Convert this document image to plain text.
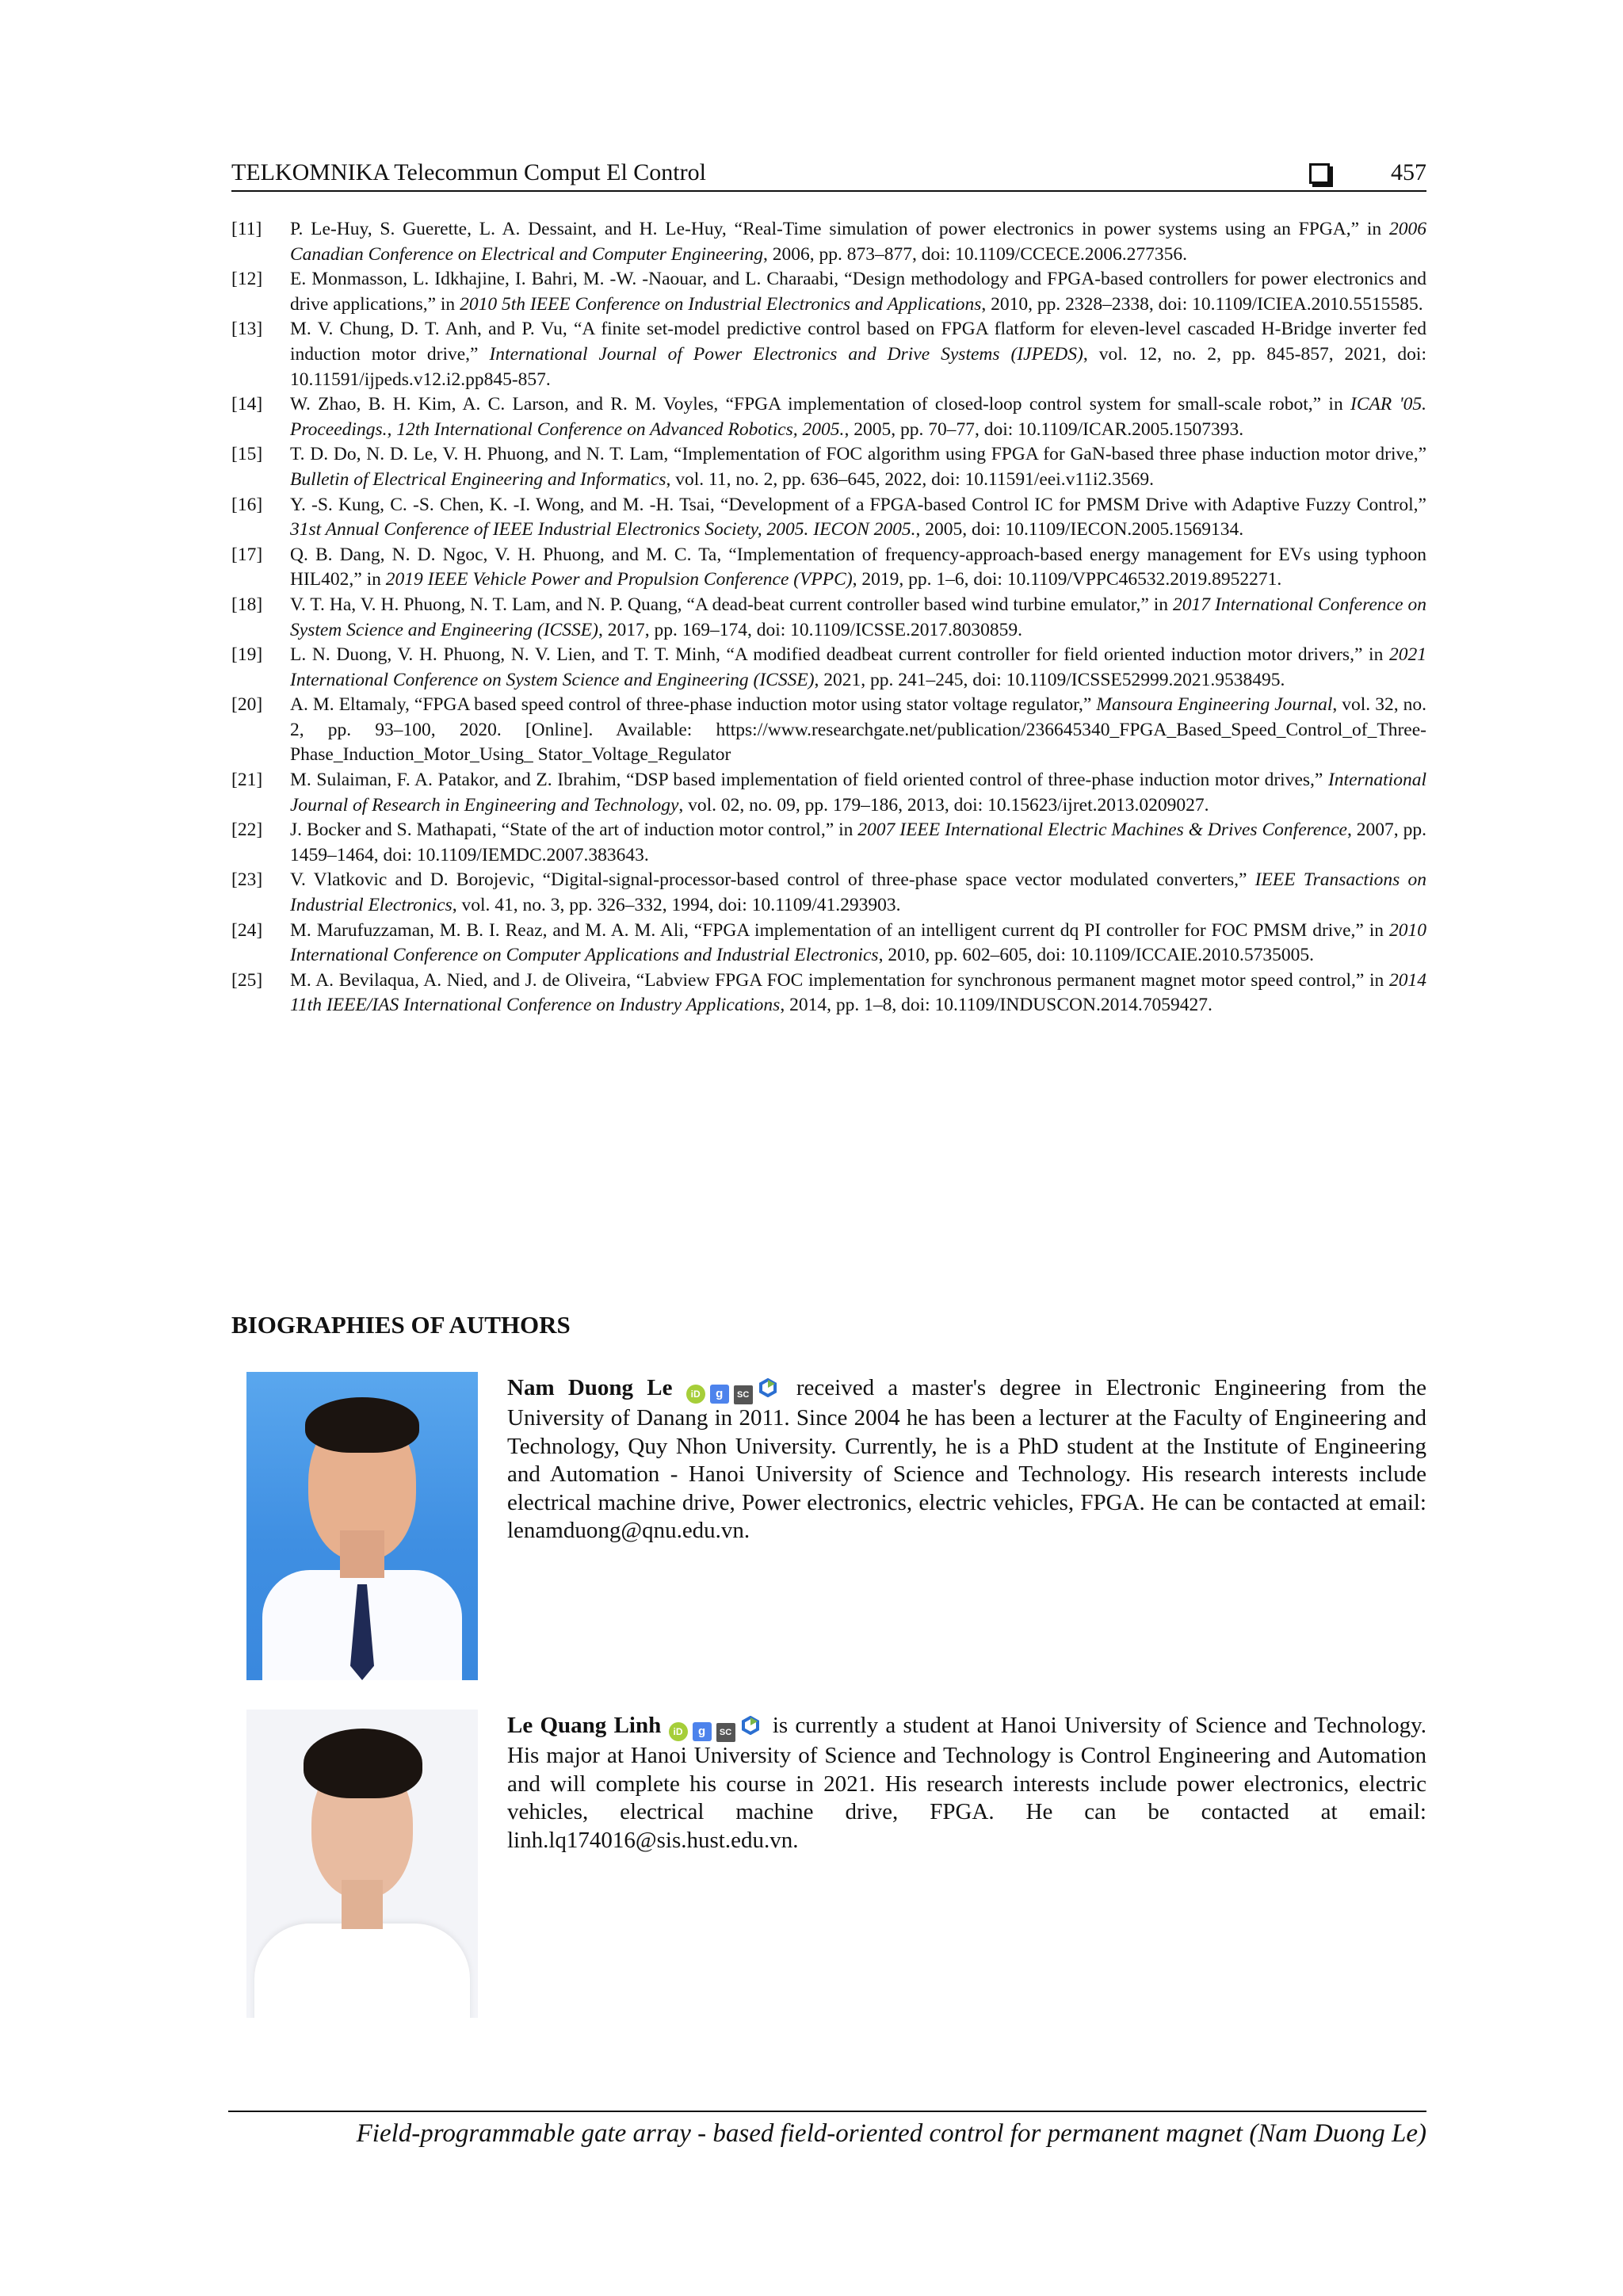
TELKOMNIKA Telecommun Comput El Control	457
[11]	P. Le-Huy, S. Guerette, L. A. Dessaint, and H. Le-Huy, “Real-Time simulation of power electronics in power systems using an FPGA,” in 2006 Canadian Conference on Electrical and Computer Engineering, 2006, pp. 873–877, doi: 10.1109/CCECE.2006.277356.
[12]	E. Monmasson, L. Idkhajine, I. Bahri, M. -W. -Naouar, and L. Charaabi, “Design methodology and FPGA-based controllers for power electronics and drive applications,” in 2010 5th IEEE Conference on Industrial Electronics and Applications, 2010, pp. 2328–2338, doi: 10.1109/ICIEA.2010.5515585.
[13]	M. V. Chung, D. T. Anh, and P. Vu, “A finite set-model predictive control based on FPGA flatform for eleven-level cascaded H-Bridge inverter fed induction motor drive,” International Journal of Power Electronics and Drive Systems (IJPEDS), vol. 12, no. 2, pp. 845-857, 2021, doi: 10.11591/ijpeds.v12.i2.pp845-857.
[14]	W. Zhao, B. H. Kim, A. C. Larson, and R. M. Voyles, “FPGA implementation of closed-loop control system for small-scale robot,” in ICAR '05. Proceedings., 12th International Conference on Advanced Robotics, 2005., 2005, pp. 70–77, doi: 10.1109/ICAR.2005.1507393.
[15]	T. D. Do, N. D. Le, V. H. Phuong, and N. T. Lam, “Implementation of FOC algorithm using FPGA for GaN-based three phase induction motor drive,” Bulletin of Electrical Engineering and Informatics, vol. 11, no. 2, pp. 636–645, 2022, doi: 10.11591/eei.v11i2.3569.
[16]	Y. -S. Kung, C. -S. Chen, K. -I. Wong, and M. -H. Tsai, “Development of a FPGA-based Control IC for PMSM Drive with Adaptive Fuzzy Control,” 31st Annual Conference of IEEE Industrial Electronics Society, 2005. IECON 2005., 2005, doi: 10.1109/IECON.2005.1569134.
[17]	Q. B. Dang, N. D. Ngoc, V. H. Phuong, and M. C. Ta, “Implementation of frequency-approach-based energy management for EVs using typhoon HIL402,” in 2019 IEEE Vehicle Power and Propulsion Conference (VPPC), 2019, pp. 1–6, doi: 10.1109/VPPC46532.2019.8952271.
[18]	V. T. Ha, V. H. Phuong, N. T. Lam, and N. P. Quang, “A dead-beat current controller based wind turbine emulator,” in 2017 International Conference on System Science and Engineering (ICSSE), 2017, pp. 169–174, doi: 10.1109/ICSSE.2017.8030859.
[19]	L. N. Duong, V. H. Phuong, N. V. Lien, and T. T. Minh, “A modified deadbeat current controller for field oriented induction motor drivers,” in 2021 International Conference on System Science and Engineering (ICSSE), 2021, pp. 241–245, doi: 10.1109/ICSSE52999.2021.9538495.
[20]	A. M. Eltamaly, “FPGA based speed control of three-phase induction motor using stator voltage regulator,” Mansoura Engineering Journal, vol. 32, no. 2, pp. 93–100, 2020. [Online]. Available: https://www.researchgate.net/publication/236645340_FPGA_Based_Speed_Control_of_Three-Phase_Induction_Motor_Using_ Stator_Voltage_Regulator
[21]	M. Sulaiman, F. A. Patakor, and Z. Ibrahim, “DSP based implementation of field oriented control of three-phase induction motor drives,” International Journal of Research in Engineering and Technology, vol. 02, no. 09, pp. 179–186, 2013, doi: 10.15623/ijret.2013.0209027.
[22]	J. Bocker and S. Mathapati, “State of the art of induction motor control,” in 2007 IEEE International Electric Machines & Drives Conference, 2007, pp. 1459–1464, doi: 10.1109/IEMDC.2007.383643.
[23]	V. Vlatkovic and D. Borojevic, “Digital-signal-processor-based control of three-phase space vector modulated converters,” IEEE Transactions on Industrial Electronics, vol. 41, no. 3, pp. 326–332, 1994, doi: 10.1109/41.293903.
[24]	M. Marufuzzaman, M. B. I. Reaz, and M. A. M. Ali, “FPGA implementation of an intelligent current dq PI controller for FOC PMSM drive,” in 2010 International Conference on Computer Applications and Industrial Electronics, 2010, pp. 602–605, doi: 10.1109/ICCAIE.2010.5735005.
[25]	M. A. Bevilaqua, A. Nied, and J. de Oliveira, “Labview FPGA FOC implementation for synchronous permanent magnet motor speed control,” in 2014 11th IEEE/IAS International Conference on Industry Applications, 2014, pp. 1–8, doi: 10.1109/INDUSCON.2014.7059427.
BIOGRAPHIES OF AUTHORS
Nam Duong Le iD g SC received a master's degree in Electronic Engineering from the University of Danang in 2011. Since 2004 he has been a lecturer at the Faculty of Engineering and Technology, Quy Nhon University. Currently, he is a PhD student at the Institute of Engineering and Automation - Hanoi University of Science and Technology. His research interests include electrical machine drive, Power electronics, electric vehicles, FPGA. He can be contacted at email: lenamduong@qnu.edu.vn.
Le Quang Linh iD g SC is currently a student at Hanoi University of Science and Technology. His major at Hanoi University of Science and Technology is Control Engineering and Automation and will complete his course in 2021. His research interests include power electronics, electric vehicles, electrical machine drive, FPGA. He can be contacted at email: linh.lq174016@sis.hust.edu.vn.
Field-programmable gate array - based field-oriented control for permanent magnet (Nam Duong Le)
